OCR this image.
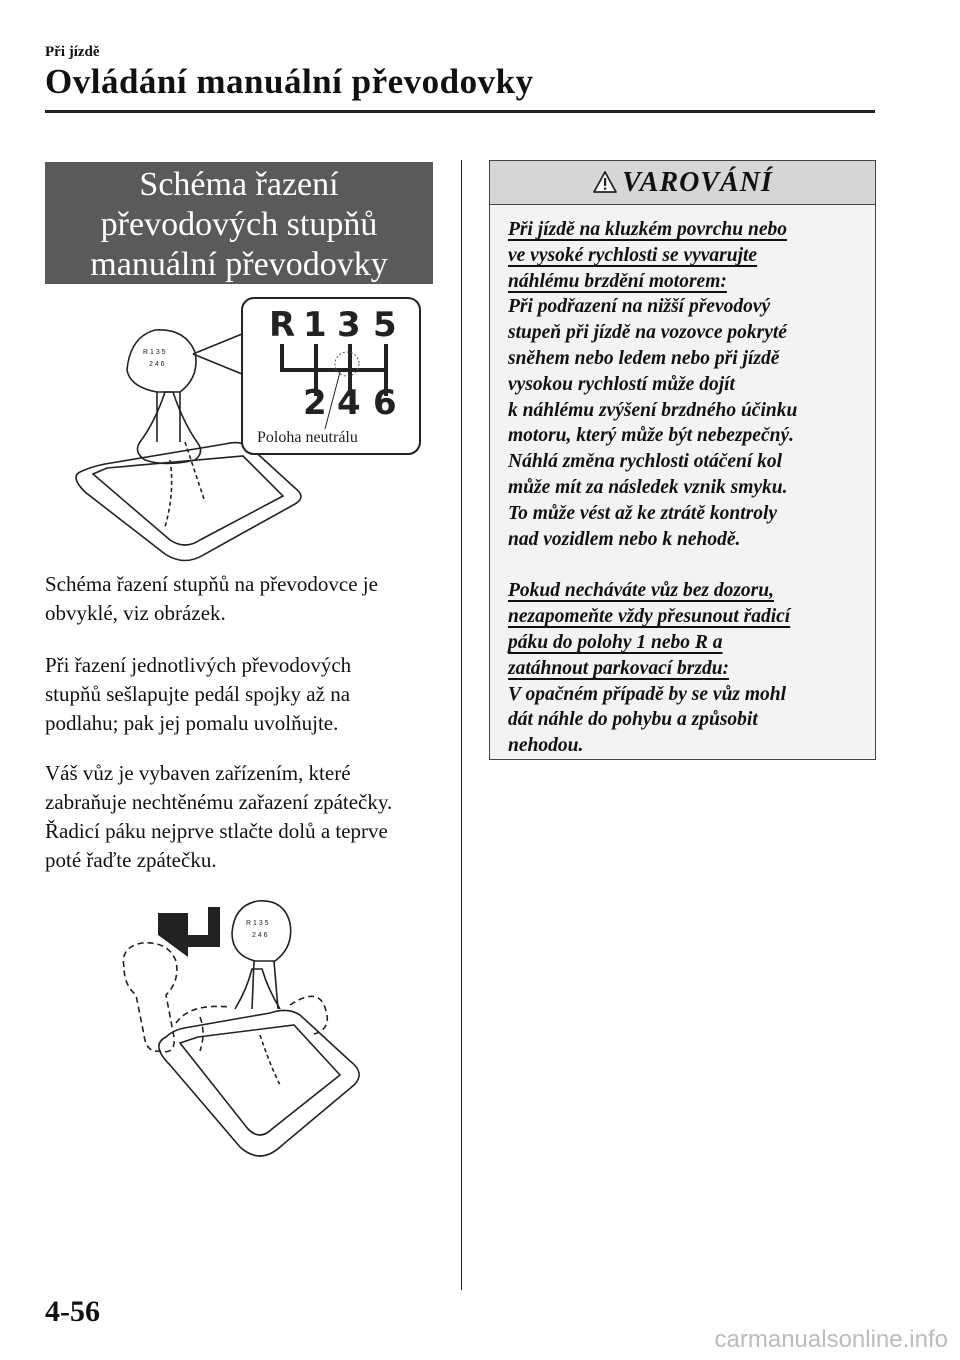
Při jízdě
Ovládání manuální převodovky
Schéma řazení
převodových stupňů
manuální převodovky
R 1 3 5
2 4 6
R 1 3 5
2 4 6
Poloha neutrálu

Schéma řazení stupňů na převodovce je

obvyklé, viz obrázek.

Při řazení jednotlivých převodových

stupňů sešlapujte pedál spojky až na

podlahu; pak jej pomalu uvolňujte.

Váš vůz je vybaven zařízením, které

zabraňuje nechtěnému zařazení zpátečky.

Řadicí páku nejprve stlačte dolů a teprve

poté řaďte zpátečku.

R 1 3 5
2 4 6
VAROVÁNÍ

Při jízdě na kluzkém povrchu nebo

ve vysoké rychlosti se vyvarujte

náhlému brzdění motorem:

Při podřazení na nižší převodový

stupeň při jízdě na vozovce pokryté

sněhem nebo ledem nebo při jízdě

vysokou rychlostí může dojít

k náhlému zvýšení brzdného účinku

motoru, který může být nebezpečný.

Náhlá změna rychlosti otáčení kol

může mít za následek vznik smyku.

To může vést až ke ztrátě kontroly

nad vozidlem nebo k nehodě.

Pokud necháváte vůz bez dozoru,

nezapomeňte vždy přesunout řadicí

páku do polohy 1 nebo R a

zatáhnout parkovací brzdu:

V opačném případě by se vůz mohl

dát náhle do pohybu a způsobit

nehodou.

4-56
carmanualsonline.info
